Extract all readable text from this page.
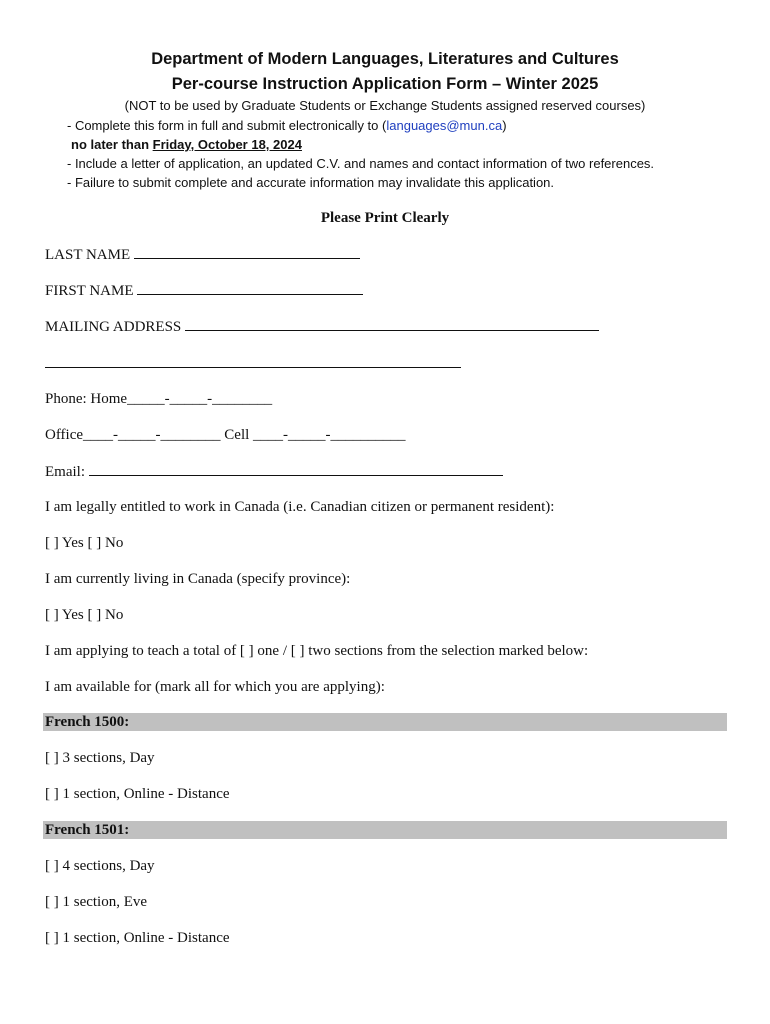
Department of Modern Languages, Literatures and Cultures
Per-course Instruction Application Form – Winter 2025
(NOT to be used by Graduate Students or Exchange Students assigned reserved courses)
- Complete this form in full and submit electronically to (languages@mun.ca)
no later than Friday, October 18, 2024
- Include a letter of application, an updated C.V. and names and contact information of two references.
- Failure to submit complete and accurate information may invalidate this application.
Please Print Clearly
LAST NAME
FIRST NAME
MAILING ADDRESS
Phone: Home_____-_____-________
Office____-_____-________ Cell ____-_____-__________
Email:
I am legally entitled to work in Canada (i.e. Canadian citizen or permanent resident):
[ ] Yes [ ] No
I am currently living in Canada (specify province):
[ ] Yes [ ] No
I am applying to teach a total of [ ] one / [ ] two sections from the selection marked below:
I am available for (mark all for which you are applying):
French 1500:
[ ] 3 sections, Day
[ ] 1 section, Online - Distance
French 1501:
[ ] 4 sections, Day
[ ] 1 section, Eve
[ ] 1 section, Online - Distance
